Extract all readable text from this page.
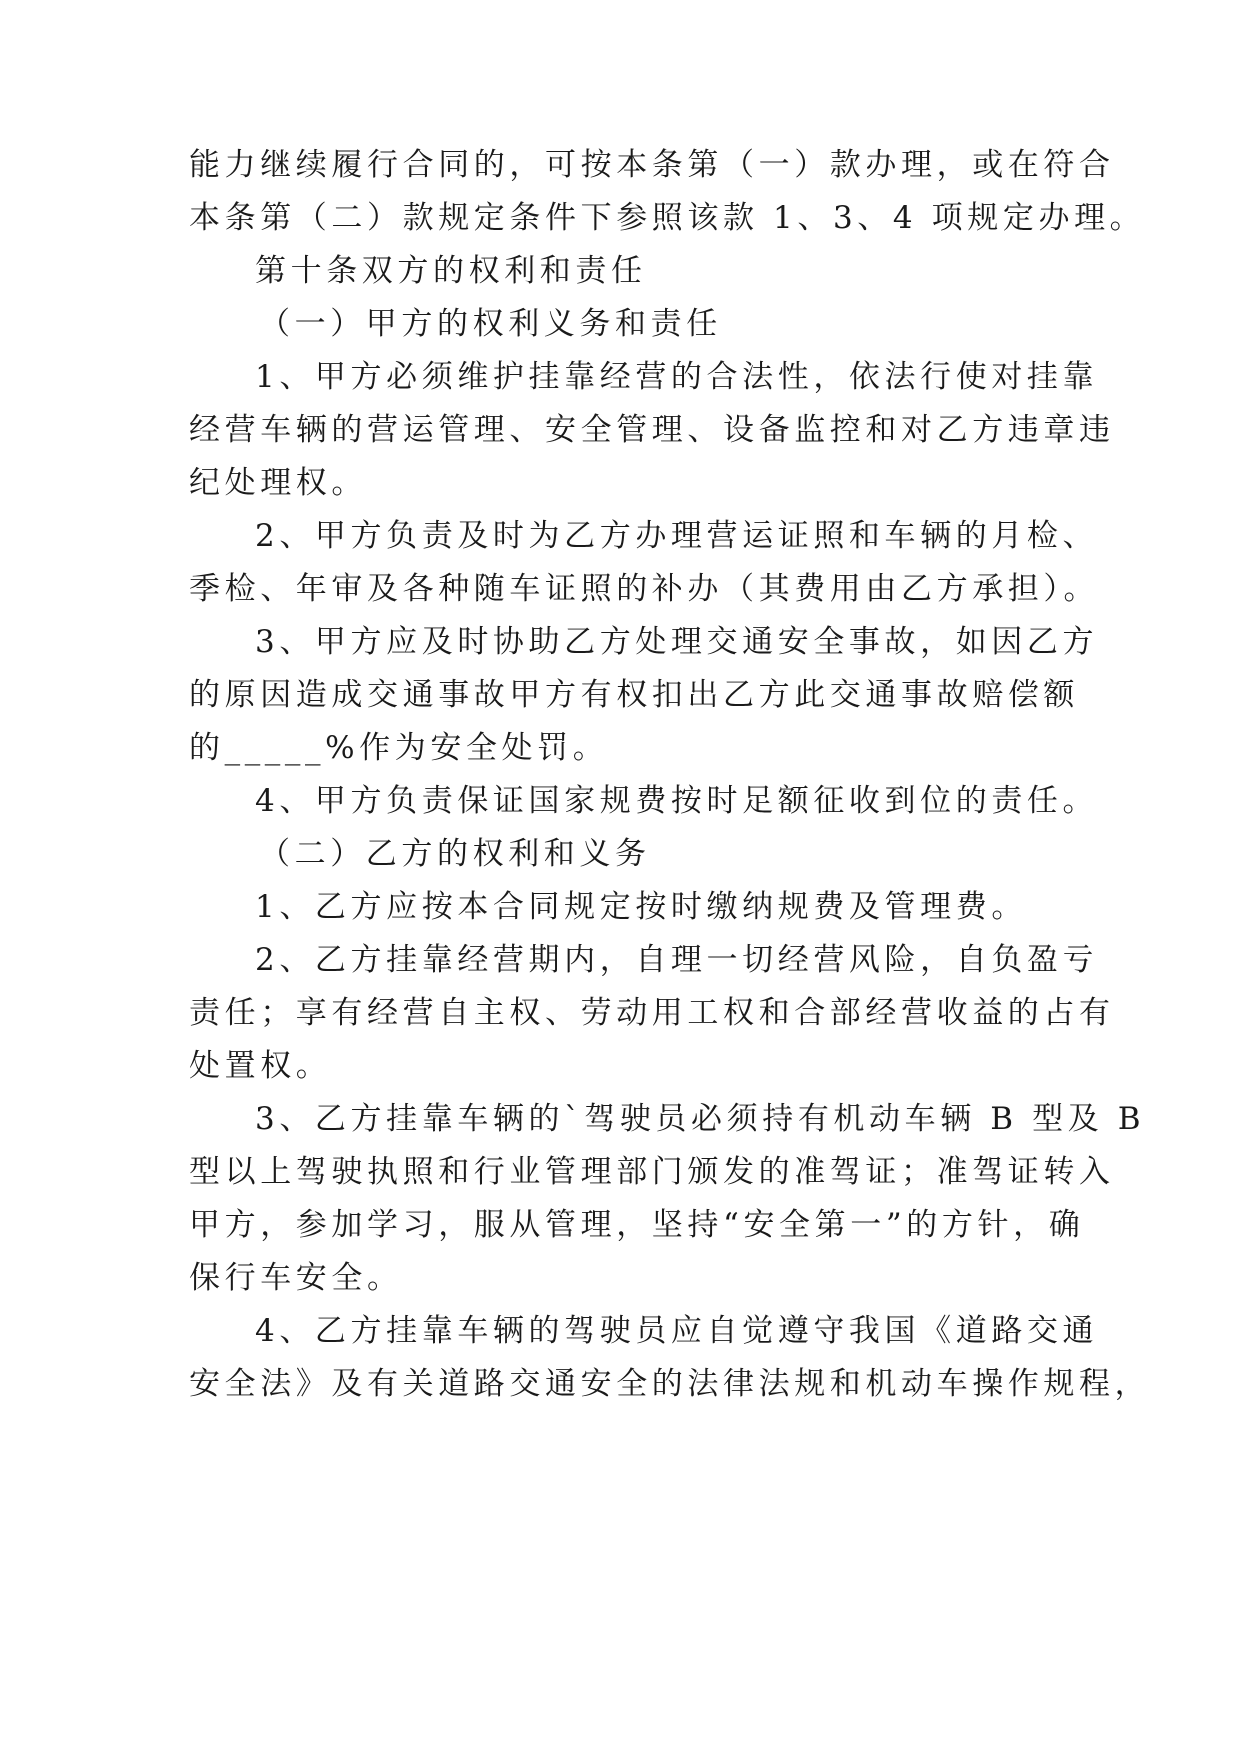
能力继续履行合同的，可按本条第（一）款办理，或在符合
本条第（二）款规定条件下参照该款 1、3、4 项规定办理。
第十条双方的权利和责任
（一）甲方的权利义务和责任
1、甲方必须维护挂靠经营的合法性，依法行使对挂靠
经营车辆的营运管理、安全管理、设备监控和对乙方违章违
纪处理权。
2、甲方负责及时为乙方办理营运证照和车辆的月检、
季检、年审及各种随车证照的补办（其费用由乙方承担）。
3、甲方应及时协助乙方处理交通安全事故，如因乙方
的原因造成交通事故甲方有权扣出乙方此交通事故赔偿额
的_____%作为安全处罚。
4、甲方负责保证国家规费按时足额征收到位的责任。
（二）乙方的权利和义务
1、乙方应按本合同规定按时缴纳规费及管理费。
2、乙方挂靠经营期内，自理一切经营风险，自负盈亏
责任；享有经营自主权、劳动用工权和合部经营收益的占有
处置权。
3、乙方挂靠车辆的`驾驶员必须持有机动车辆 B 型及 B
型以上驾驶执照和行业管理部门颁发的准驾证；准驾证转入
甲方，参加学习，服从管理，坚持“安全第一”的方针，确
保行车安全。
4、乙方挂靠车辆的驾驶员应自觉遵守我国《道路交通
安全法》及有关道路交通安全的法律法规和机动车操作规程，
